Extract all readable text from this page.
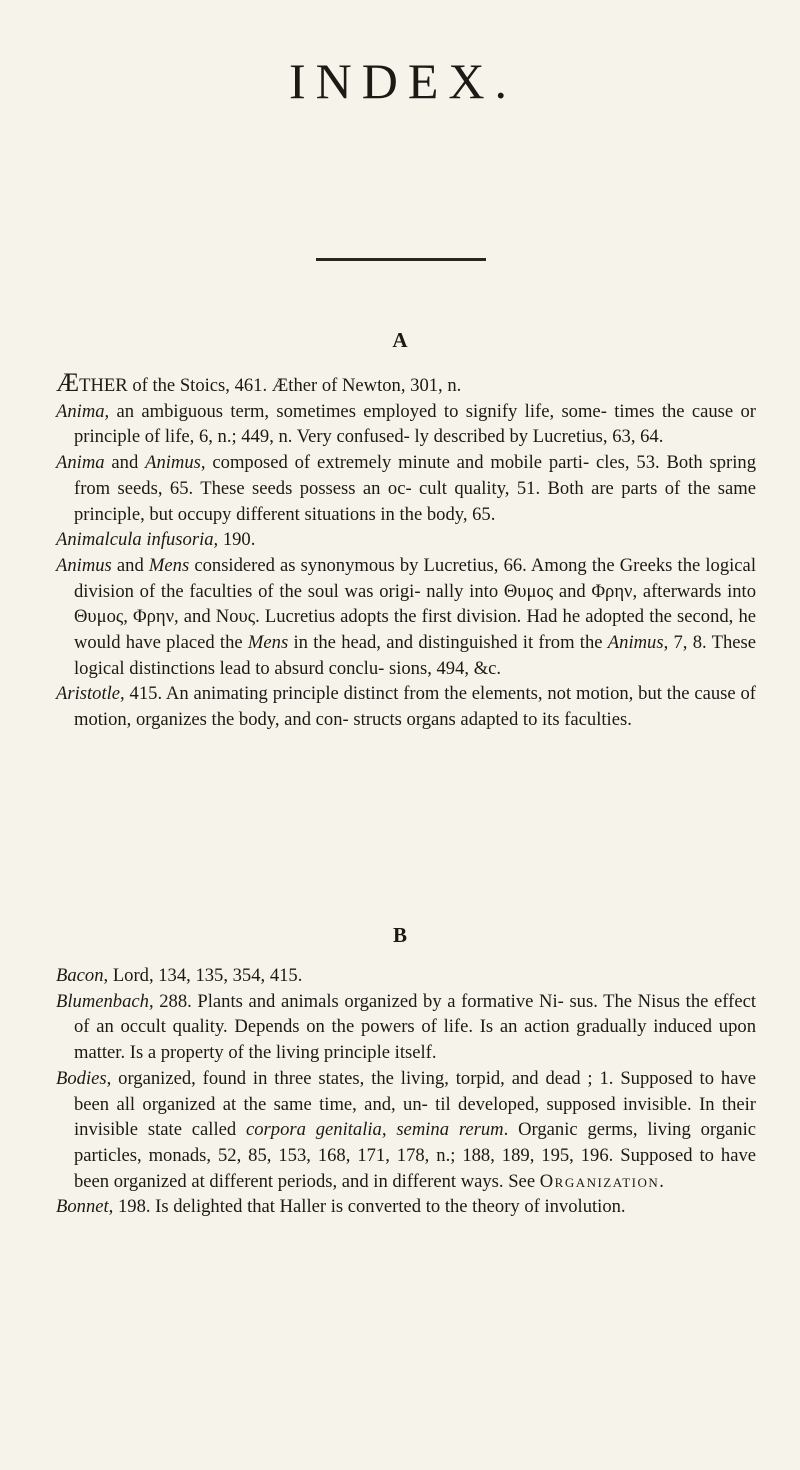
INDEX.
A

ÆTHER of the Stoics, 461. Æther of Newton, 301, n.

Anima, an ambiguous term, sometimes employed to signify life, some- times the cause or principle of life, 6, n.; 449, n. Very confused- ly described by Lucretius, 63, 64.

Anima and Animus, composed of extremely minute and mobile parti- cles, 53. Both spring from seeds, 65. These seeds possess an oc- cult quality, 51. Both are parts of the same principle, but occupy different situations in the body, 65.

Animalcula infusoria, 190.

Animus and Mens considered as synonymous by Lucretius, 66. Among the Greeks the logical division of the faculties of the soul was origi- nally into Θυμος and Φρην, afterwards into Θυμος, Φρην, and Νους. Lucretius adopts the first division. Had he adopted the second, he would have placed the Mens in the head, and distinguished it from the Animus, 7, 8. These logical distinctions lead to absurd conclu- sions, 494, &c.

Aristotle, 415. An animating principle distinct from the elements, not motion, but the cause of motion, organizes the body, and con- structs organs adapted to its faculties.

B

Bacon, Lord, 134, 135, 354, 415.

Blumenbach, 288. Plants and animals organized by a formative Ni- sus. The Nisus the effect of an occult quality. Depends on the powers of life. Is an action gradually induced upon matter. Is a property of the living principle itself.

Bodies, organized, found in three states, the living, torpid, and dead ; 1. Supposed to have been all organized at the same time, and, un- til developed, supposed invisible. In their invisible state called corpora genitalia, semina rerum. Organic germs, living organic particles, monads, 52, 85, 153, 168, 171, 178, n.; 188, 189, 195, 196. Supposed to have been organized at different periods, and in different ways. See Organization.

Bonnet, 198. Is delighted that Haller is converted to the theory of involution.
